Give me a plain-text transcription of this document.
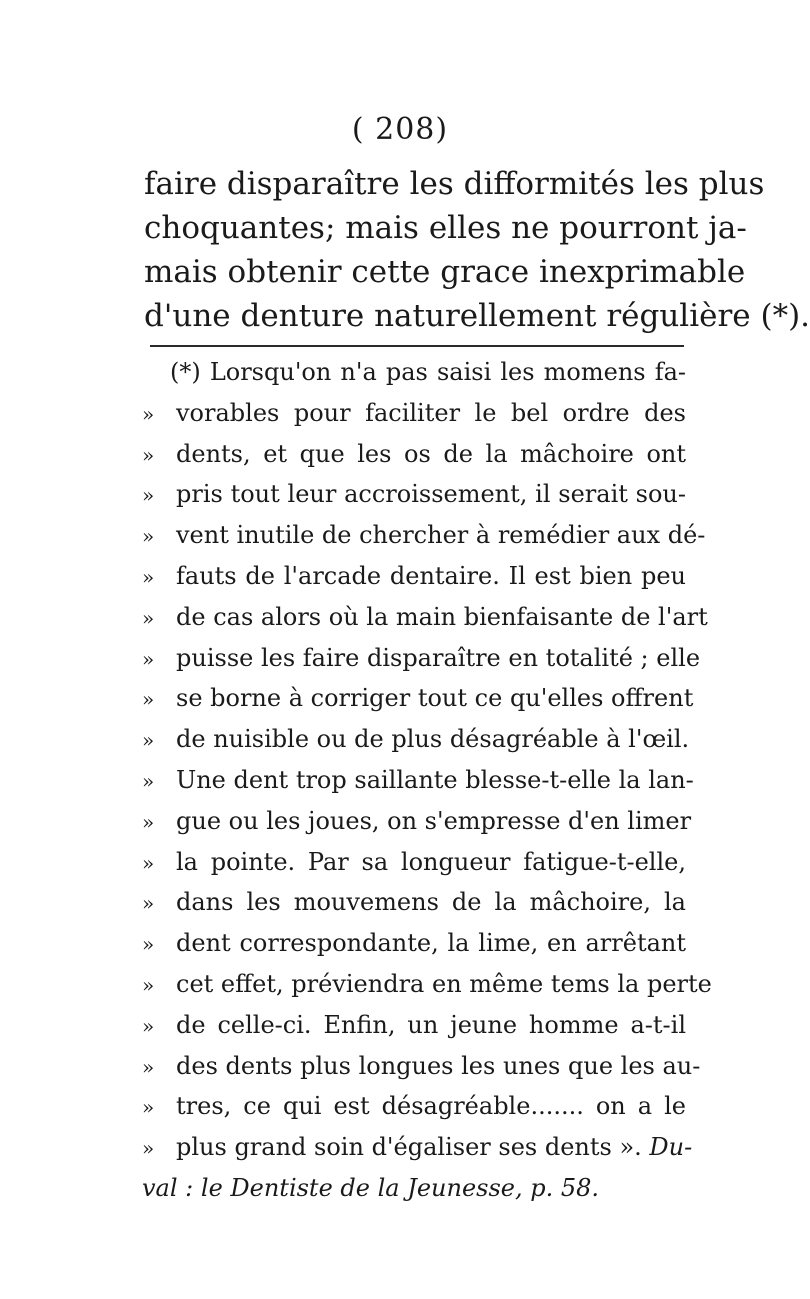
( 208)
faire disparaître les difformités les plus
choquantes; mais elles ne pourront ja-
mais obtenir cette grace inexprimable
d'une denture naturellement régulière (*).
(*) Lorsqu'on n'a pas saisi les momens fa-
» vorables pour faciliter le bel ordre des
» dents, et que les os de la mâchoire ont
» pris tout leur accroissement, il serait sou-
» vent inutile de chercher à remédier aux dé-
» fauts de l'arcade dentaire. Il est bien peu
» de cas alors où la main bienfaisante de l'art
» puisse les faire disparaître en totalité ; elle
» se borne à corriger tout ce qu'elles offrent
» de nuisible ou de plus désagréable à l'œil.
» Une dent trop saillante blesse-t-elle la lan-
» gue ou les joues, on s'empresse d'en limer
» la pointe. Par sa longueur fatigue-t-elle,
» dans les mouvemens de la mâchoire, la
» dent correspondante, la lime, en arrêtant
» cet effet, préviendra en même tems la perte
» de celle-ci. Enfin, un jeune homme a-t-il
» des dents plus longues les unes que les au-
» tres, ce qui est désagréable....... on a le
» plus grand soin d'égaliser ses dents ». Du-
val : le Dentiste de la Jeunesse, p. 58.
